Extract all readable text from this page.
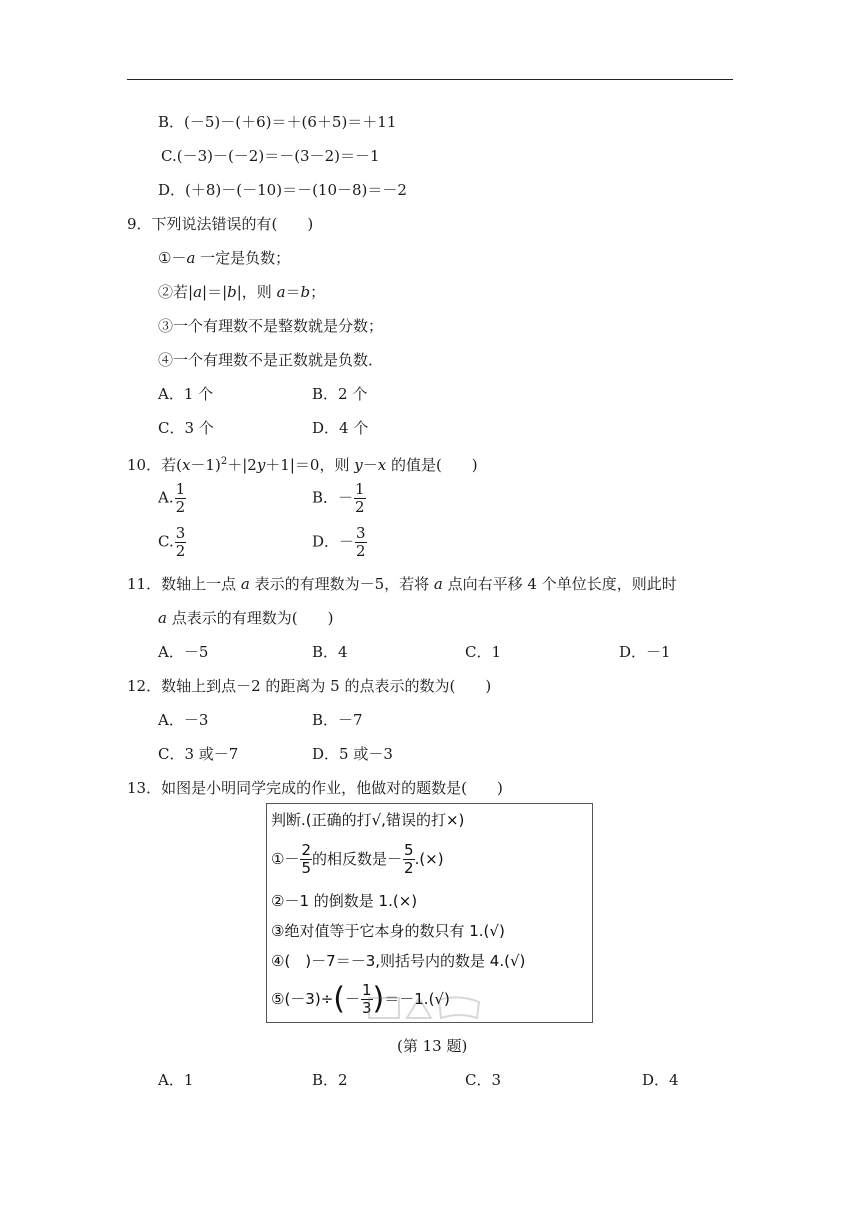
B．(－5)－(＋6)＝＋(6＋5)＝＋11
C.(－3)－(－2)＝－(3－2)＝－1
D．(＋8)－(－10)＝－(10－8)＝－2
9．下列说法错误的有(　　)
①－a 一定是负数；
②若|a|＝|b|，则 a＝b；
③一个有理数不是整数就是分数；
④一个有理数不是正数就是负数．
A．1 个	B．2 个
C．3 个	D．4 个
10．若$(x-1)^2+|2y+1|=0$，则 y－x 的值是(　　)
A. $\frac{1}{2}$	B．－ $\frac{1}{2}$
C. $\frac{3}{2}$	D．－ $\frac{3}{2}$
11．数轴上一点 a 表示的有理数为－5，若将 a 点向右平移 4 个单位长度，则此时
a 点表示的有理数为(　　)
A．－5	B．4	C．1	D．－1
12．数轴上到点－2 的距离为 5 的点表示的数为(　　)
A．－3	B．－7
C．3 或－7	D．5 或－3
13．如图是小明同学完成的作业，他做对的题数是(　　)
判断.(正确的打√,错误的打×)
①－ $\frac{2}{5}$ 的相反数是－ $\frac{5}{2}$ .(×)
②－1 的倒数是 1.(×)
③绝对值等于它本身的数只有 1.(√)
④(　)－7＝－3,则括号内的数是 4.(√)
⑤(－3)÷(－ $\frac{1}{3} )=-1.(√)$
(第 13 题)
A．1	B．2	C．3	D．4
